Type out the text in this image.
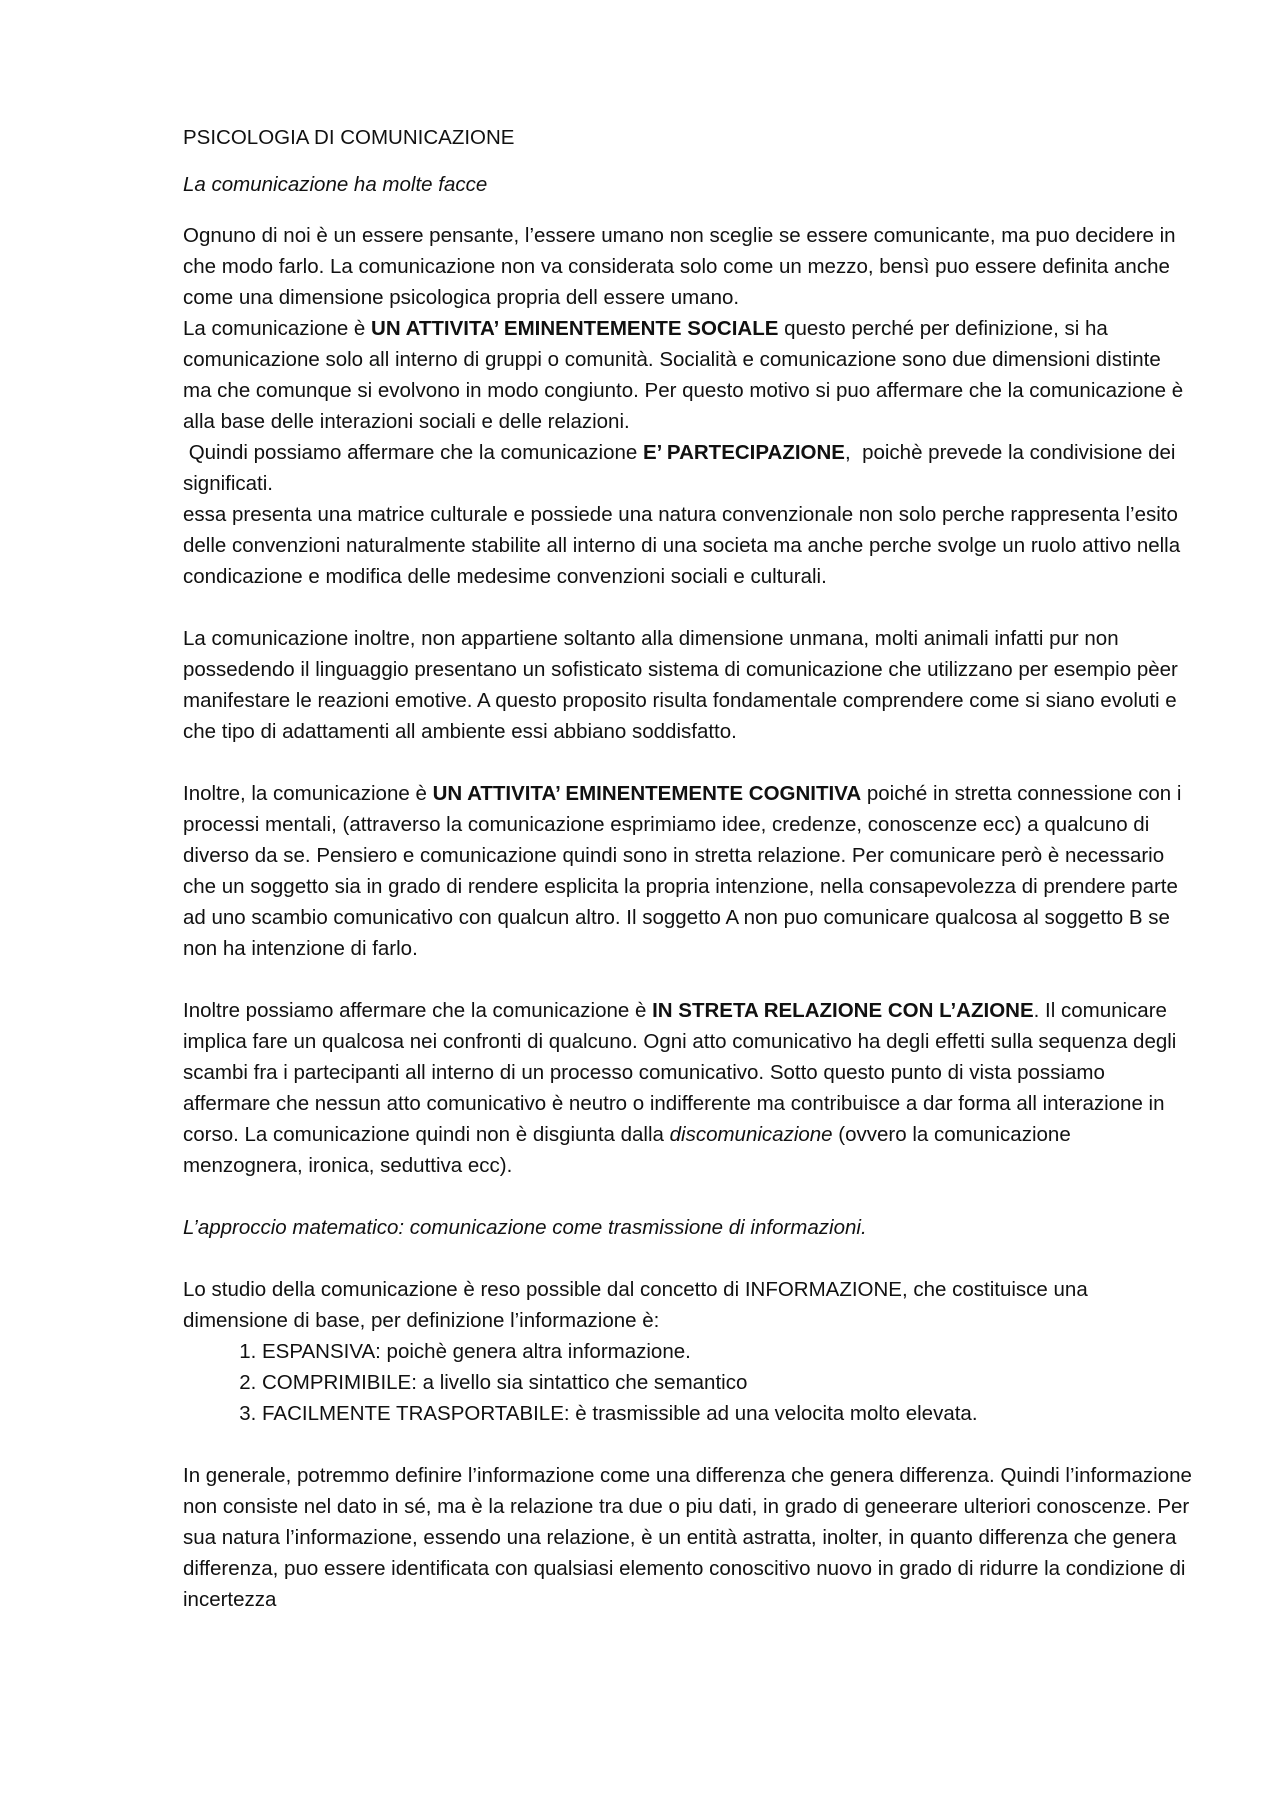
PSICOLOGIA DI COMUNICAZIONE

La comunicazione ha molte facce

Ognuno di noi è un essere pensante, l’essere umano non sceglie se essere comunicante, ma puo decidere in che modo farlo. La comunicazione non va considerata solo come un mezzo, bensì puo essere definita anche come una dimensione psicologica propria dell essere umano.

La comunicazione è UN ATTIVITA’ EMINENTEMENTE SOCIALE questo perché per definizione, si ha comunicazione solo all interno di gruppi o comunità. Socialità e comunicazione sono due dimensioni distinte ma che comunque si evolvono in modo congiunto. Per questo motivo si puo affermare che la comunicazione è alla base delle interazioni sociali e delle relazioni.

Quindi possiamo affermare che la comunicazione E’ PARTECIPAZIONE,  poichè prevede la condivisione dei significati.

essa presenta una matrice culturale e possiede una natura convenzionale non solo perche rappresenta l’esito delle convenzioni naturalmente stabilite all interno di una societa ma anche perche svolge un ruolo attivo nella condicazione e modifica delle medesime convenzioni sociali e culturali.

La comunicazione inoltre, non appartiene soltanto alla dimensione unmana, molti animali infatti pur non possedendo il linguaggio presentano un sofisticato sistema di comunicazione che utilizzano per esempio pèer manifestare le reazioni emotive. A questo proposito risulta fondamentale comprendere come si siano evoluti e che tipo di adattamenti all ambiente essi abbiano soddisfatto.

Inoltre, la comunicazione è UN ATTIVITA’ EMINENTEMENTE COGNITIVA poiché in stretta connessione con i processi mentali, (attraverso la comunicazione esprimiamo idee, credenze, conoscenze ecc) a qualcuno di diverso da se. Pensiero e comunicazione quindi sono in stretta relazione. Per comunicare però è necessario che un soggetto sia in grado di rendere esplicita la propria intenzione, nella consapevolezza di prendere parte ad uno scambio comunicativo con qualcun altro. Il soggetto A non puo comunicare qualcosa al soggetto B se non ha intenzione di farlo.

Inoltre possiamo affermare che la comunicazione è IN STRETA RELAZIONE CON L’AZIONE. Il comunicare implica fare un qualcosa nei confronti di qualcuno. Ogni atto comunicativo ha degli effetti sulla sequenza degli scambi fra i partecipanti all interno di un processo comunicativo. Sotto questo punto di vista possiamo affermare che nessun atto comunicativo è neutro o indifferente ma contribuisce a dar forma all interazione in corso. La comunicazione quindi non è disgiunta dalla discomunicazione (ovvero la comunicazione menzognera, ironica, seduttiva ecc).

L’approccio matematico: comunicazione come trasmissione di informazioni.

Lo studio della comunicazione è reso possible dal concetto di INFORMAZIONE, che costituisce una dimensione di base, per definizione l’informazione è:

1. ESPANSIVA: poichè genera altra informazione.
2. COMPRIMIBILE: a livello sia sintattico che semantico
3. FACILMENTE TRASPORTABILE: è trasmissible ad una velocita molto elevata.

In generale, potremmo definire l’informazione come una differenza che genera differenza. Quindi l’informazione non consiste nel dato in sé, ma è la relazione tra due o piu dati, in grado di geneerare ulteriori conoscenze. Per sua natura l’informazione, essendo una relazione, è un entità astratta, inolter, in quanto differenza che genera differenza, puo essere identificata con qualsiasi elemento conoscitivo nuovo in grado di ridurre la condizione di incertezza
